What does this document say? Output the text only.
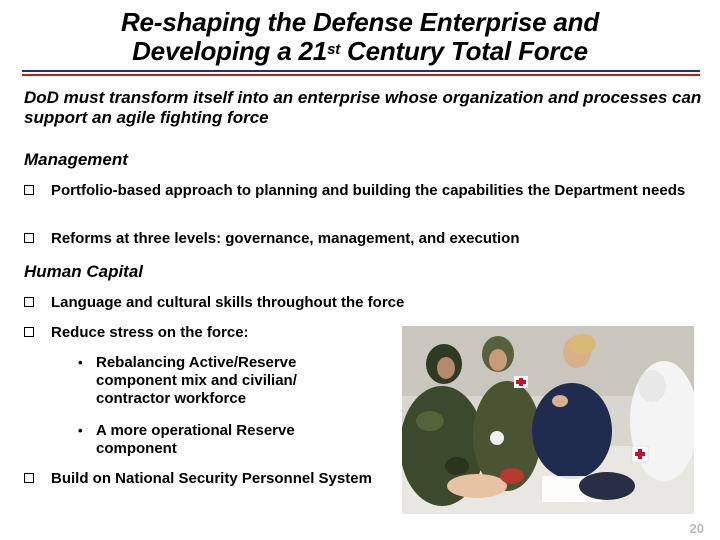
Re-shaping the Defense Enterprise and
Developing a 21st Century Total Force
DoD must transform itself into an enterprise whose organization and processes can support an agile fighting force
Management
Portfolio-based approach to planning and building the capabilities the Department needs
Reforms at three levels: governance, management, and execution
Human Capital
Language and cultural skills throughout the force
Reduce stress on the force:
• Rebalancing Active/Reserve component mix and civilian/ contractor workforce
• A more operational Reserve component
Build on National Security Personnel System
20
